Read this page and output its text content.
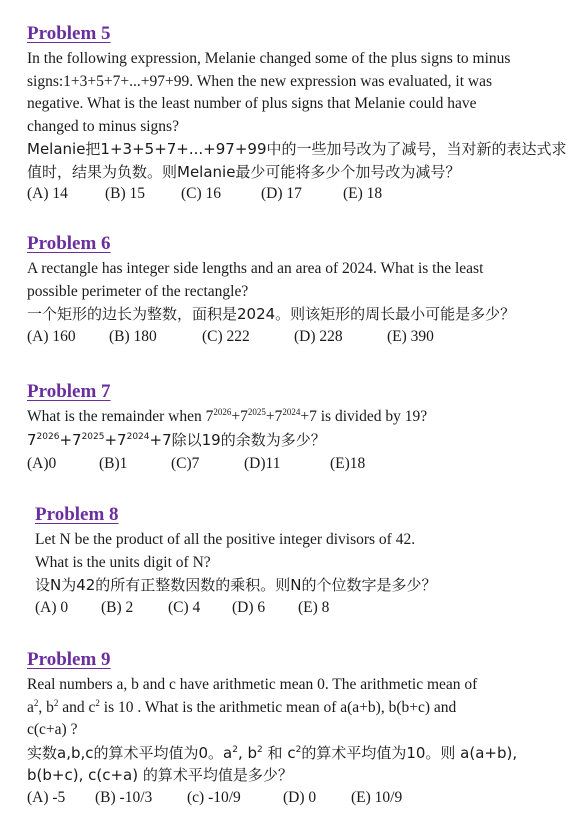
Problem 5
In the following expression, Melanie changed some of the plus signs to minus
signs:1+3+5+7+...+97+99. When the new expression was evaluated, it was
negative. What is the least number of plus signs that Melanie could have
changed to minus signs?
Melanie把1+3+5+7+...+97+99中的一些加号改为了减号，当对新的表达式求
值时，结果为负数。则Melanie最少可能将多少个加号改为减号？
(A) 14	(B) 15	(C) 16	(D) 17	(E) 18
Problem 6
A rectangle has integer side lengths and an area of 2024. What is the least
possible perimeter of the rectangle?
一个矩形的边长为整数，面积是2024。则该矩形的周长最小可能是多少？
(A) 160	(B) 180	(C) 222	(D) 228	(E) 390
Problem 7
What is the remainder when $7^{2026}+7^{2025}+7^{2024}+7$ is divided by 19?
$7^{2026}+7^{2025}+7^{2024}+7$除以19的余数为多少？
(A)0	(B)1	(C)7	(D)11	(E)18
Problem 8
Let N be the product of all the positive integer divisors of 42.
What is the units digit of N?
设N为42的所有正整数因数的乘积。则N的个位数字是多少？
(A) 0	(B) 2	(C) 4	(D) 6	(E) 8
Problem 9
Real numbers a, b and c have arithmetic mean 0. The arithmetic mean of
$a^2$, $b^2$ and $c^2$ is 10 . What is the arithmetic mean of a(a+b), b(b+c) and
c(c+a) ?
实数a,b,c的算术平均值为0。$a^2$, $b^2$ 和 $c^2$的算术平均值为10。则 a(a+b),
b(b+c), c(c+a) 的算术平均值是多少？
(A) -5	(B) -10/3	(c) -10/9	(D) 0	(E) 10/9
